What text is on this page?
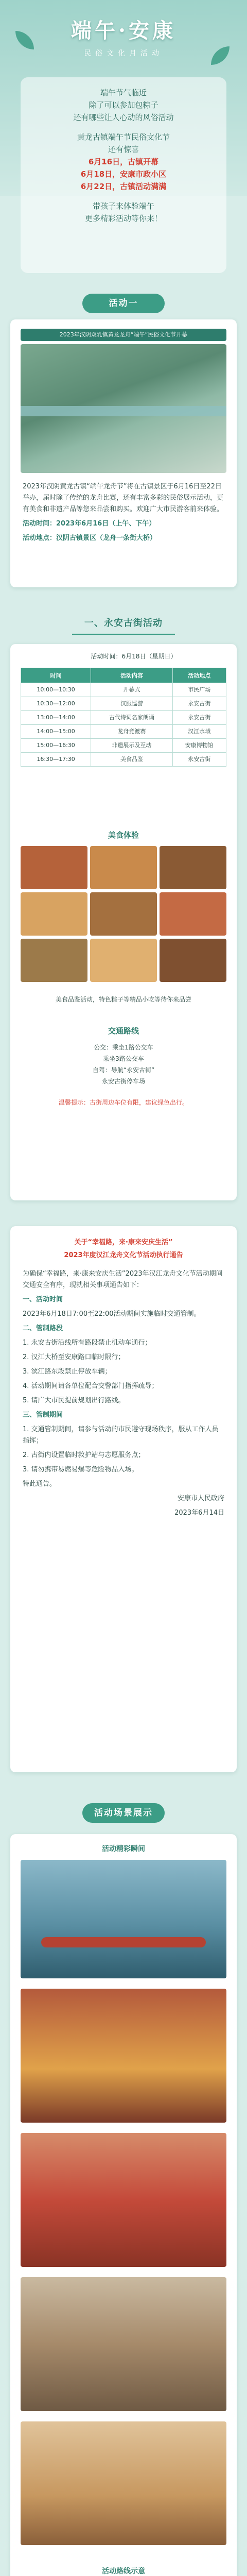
端午·安康
民俗文化月活动

端午节气临近

除了可以参加包粽子

还有哪些让人心动的风俗活动

黄龙古镇端午节民俗文化节

还有惊喜

6月16日，古镇开幕

6月18日，安康市政小区

6月22日，古镇活动满满

带孩子来体验端午

更多精彩活动等你来！

活动一
2023年汉阴双乳镇黄龙龙舟“端午”民俗文化节开幕

2023年汉阴黄龙古镇“端午龙舟节”将在古镇景区于6月16日至22日举办，届时除了传统的龙舟比赛，还有丰富多彩的民俗展示活动，更有美食和非遗产品等您来品尝和购买。欢迎广大市民游客前来体验。

活动时间：2023年6月16日（上午、下午）

活动地点：汉阴古镇景区（龙舟一条街大桥）

一、永安古街活动
活动时间：6月18日（星期日）
时间	活动内容	活动地点
10:00—10:30	开幕式	市民广场
10:30—12:00	汉服巡游	永安古街
13:00—14:00	古代诗词名家朗诵	永安古街
14:00—15:00	龙舟竞渡赛	汉江水域
15:00—16:30	非遗展示及互动	安康博物馆
16:30—17:30	美食品鉴	永安古街
美食体验
美食品鉴活动，特色粽子等精品小吃等待你来品尝
交通路线
公交：乘坐1路公交车
乘坐3路公交车
自驾：导航“永安古街”
永安古街停车场
温馨提示：古街周边车位有限，建议绿色出行。
关于“幸福路，来·康来安庆生活”
2023年度汉江龙舟文化节活动执行通告

为确保“幸福路，来·康来安庆生活”2023年汉江龙舟文化节活动期间交通安全有序，现就相关事项通告如下：

一、活动时间

2023年6月18日7:00至22:00活动期间实施临时交通管制。

二、管制路段

1. 永安古街沿线所有路段禁止机动车通行；

2. 汉江大桥至安康路口临时限行；

3. 滨江路东段禁止停放车辆；

4. 活动期间请各单位配合交警部门指挥疏导；

5. 请广大市民提前规划出行路线。

三、管制期间

1. 交通管制期间，请参与活动的市民遵守现场秩序，服从工作人员指挥；

2. 古街内设置临时救护站与志愿服务点；

3. 请勿携带易燃易爆等危险物品入场。

特此通告。

安康市人民政府

2023年6月14日

活动场景展示
活动精彩瞬间
活动路线示意
